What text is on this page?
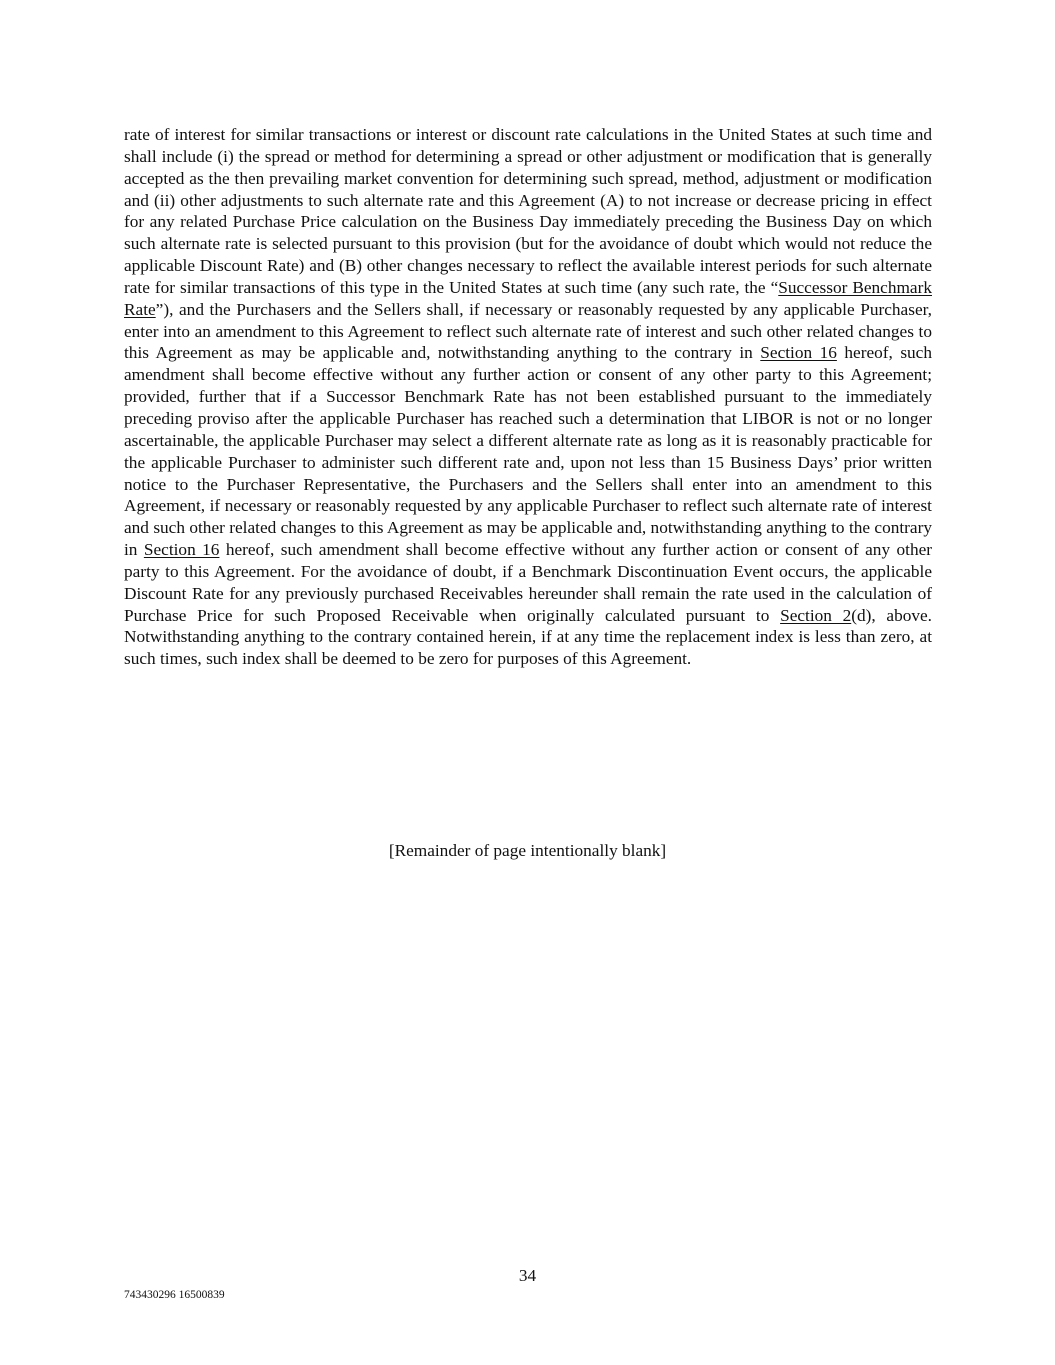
rate of interest for similar transactions or interest or discount rate calculations in the United States at such time and shall include (i) the spread or method for determining a spread or other adjustment or modification that is generally accepted as the then prevailing market convention for determining such spread, method, adjustment or modification and (ii) other adjustments to such alternate rate and this Agreement (A) to not increase or decrease pricing in effect for any related Purchase Price calculation on the Business Day immediately preceding the Business Day on which such alternate rate is selected pursuant to this provision (but for the avoidance of doubt which would not reduce the applicable Discount Rate) and (B) other changes necessary to reflect the available interest periods for such alternate rate for similar transactions of this type in the United States at such time (any such rate, the “Successor Benchmark Rate”), and the Purchasers and the Sellers shall, if necessary or reasonably requested by any applicable Purchaser, enter into an amendment to this Agreement to reflect such alternate rate of interest and such other related changes to this Agreement as may be applicable and, notwithstanding anything to the contrary in Section 16 hereof, such amendment shall become effective without any further action or consent of any other party to this Agreement; provided, further that if a Successor Benchmark Rate has not been established pursuant to the immediately preceding proviso after the applicable Purchaser has reached such a determination that LIBOR is not or no longer ascertainable, the applicable Purchaser may select a different alternate rate as long as it is reasonably practicable for the applicable Purchaser to administer such different rate and, upon not less than 15 Business Days’ prior written notice to the Purchaser Representative, the Purchasers and the Sellers shall enter into an amendment to this Agreement, if necessary or reasonably requested by any applicable Purchaser to reflect such alternate rate of interest and such other related changes to this Agreement as may be applicable and, notwithstanding anything to the contrary in Section 16 hereof, such amendment shall become effective without any further action or consent of any other party to this Agreement. For the avoidance of doubt, if a Benchmark Discontinuation Event occurs, the applicable Discount Rate for any previously purchased Receivables hereunder shall remain the rate used in the calculation of Purchase Price for such Proposed Receivable when originally calculated pursuant to Section 2(d), above. Notwithstanding anything to the contrary contained herein, if at any time the replacement index is less than zero, at such times, such index shall be deemed to be zero for purposes of this Agreement.

[Remainder of page intentionally blank]
34
743430296 16500839
